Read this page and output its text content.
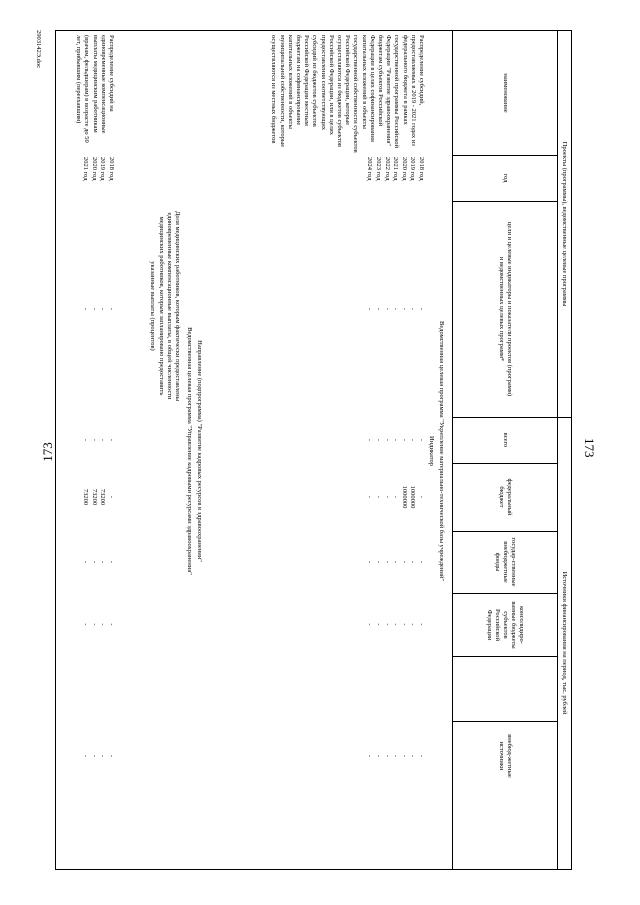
173	173
Проекты (программы), ведомственные целевые программы
Источники финансирования на период, тыс. рублей
наименование
год
цели и целевые индикаторы и показатели проектов (программ) и ведомственных целевых программ*
всего
федеральный бюджет
государ-ственные внебюджетные фонды
консолидиро-ванные бюджеты субъектов Российской Федерации
внебюд-жетные источники
Ведомственная целевая программа "Укрепление материально-технической базы учреждений"
Индикатор
Распределение субсидий, предоставляемых в 2019 - 2021 годах из федерального бюджета в рамках государственной программы Российской Федерации "Развитие здравоохранения" бюджетам субъектов Российской Федерации в целях софинансирования капитальных вложений в объекты государственной собственности субъектов Российской Федерации, которые осуществляются из бюджетов субъектов Российской Федерации, или в целях предоставления соответствующих субсидий из бюджетов субъектов Российской Федерации местным бюджетам на софинансирование капитальных вложений в объекты муниципальной собственности, которые осуществляются из местных бюджетов
2018 год
-
-
-
-
-
-
2019 год
-
-
1000000
-
-
-
2020 год
-
-
1000000
-
-
-
2021 год
-
-
-
-
-
-
2022 год
-
-
-
-
-
-
2023 год
-
-
-
-
-
-
2024 год
-
-
-
-
-
-
Направление (подпрограмма) "Развитие кадровых ресурсов в здравоохранении"
Ведомственная целевая программа "Управление кадровыми ресурсами здравоохранения"
Доля медицинских работников, которым фактически предоставлены единовременные компенсационные выплаты, в общей численности медицинских работников, которым запланировано предоставить указанные выплаты (процентов)
Распределение субсидий на единовременные компенсационные выплаты медицинским работникам (врачам, фельдшерам) в возрасте до 50 лет, прибывшим (переехавшим)
2018 год
-
-
-
-
-
-
2019 год
-
-
73200
-
-
-
2020 год
-
-
73200
-
-
-
2021 год
-
-
73200
-
-
-
2903142Э.doc
